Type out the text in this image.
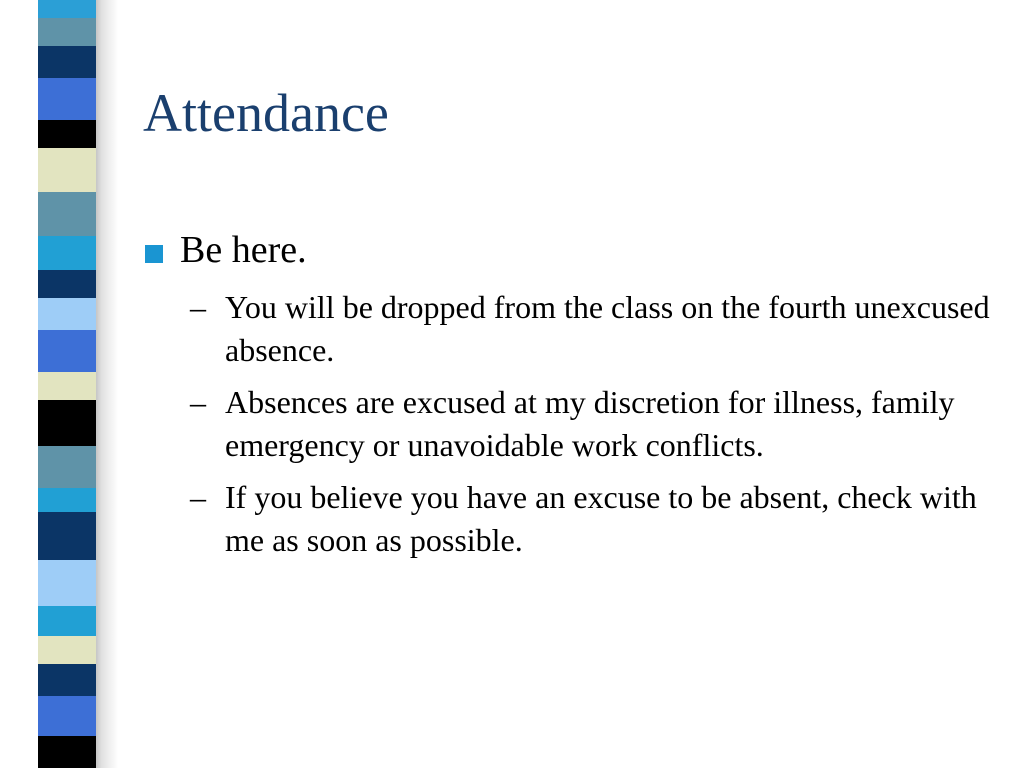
Attendance
Be here.
– You will be dropped from the class on the fourth unexcused absence.
– Absences are excused at my discretion for illness, family emergency or unavoidable work conflicts.
– If you believe you have an excuse to be absent, check with me as soon as possible.
